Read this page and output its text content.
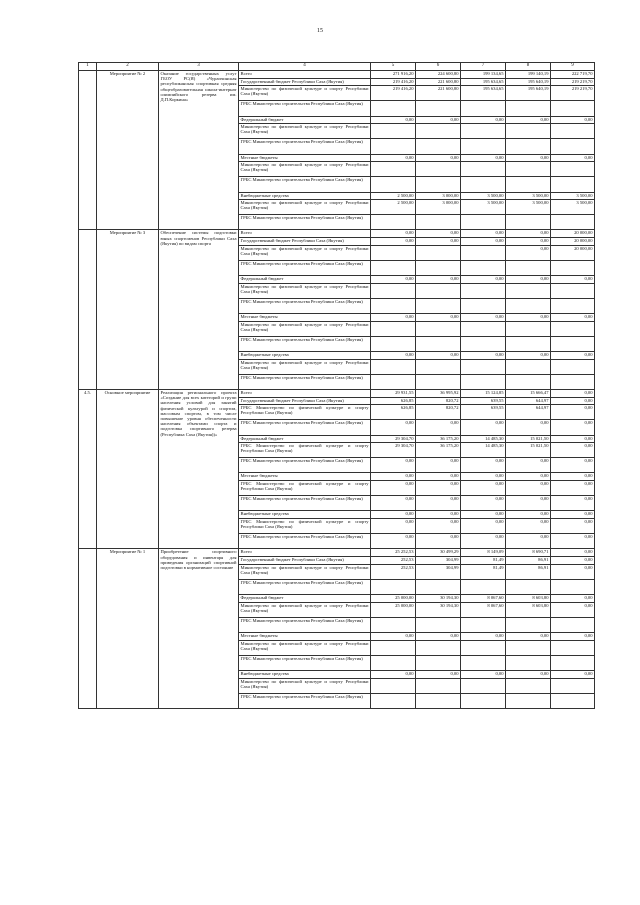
15
1	2	3	4	5	6	7	8	9
	Мероприятие № 2	Оказание государственных услуг ГБОУ РС(Я) «Чурапчинская республиканская спортивная средняя общеобразовательная школа-интернат олимпийского резерва им. Д.П.Коркина»	Всего	271 916,20	224 600,80	199 134,65	199 140,19	222 719,70
			Государственный бюджет Республики Саха (Якутия)	219 416,20	221 600,80	195 634,65	195 640,19	219 219,70
			Министерство по физической культуре и спорту Республики Саха (Якутия)	219 416,20	221 600,80	195 634,65	195 640,19	219 219,70
			ГРБС Министерство строительства Республики Саха (Якутия)					
			Федеральный бюджет	0,00	0,00	0,00	0,00	0,00
			Министерство по физической культуре и спорту Республики Саха (Якутия)					
			ГРБС Министерство строительства Республики Саха (Якутия)					
			Местные бюджеты	0,00	0,00	0,00	0,00	0,00
			Министерство по физической культуре и спорту Республики Саха (Якутия)					
			ГРБС Министерство строительства Республики Саха (Якутия)					
			Внебюджетные средства	2 500,00	3 000,00	3 500,00	3 500,00	3 500,00
			Министерство по физической культуре и спорту Республики Саха (Якутия)	2 500,00	3 000,00	3 500,00	3 500,00	3 500,00
			ГРБС Министерство строительства Республики Саха (Якутия)					
	Мероприятие № 3	Обеспечение системы подготовки юных спортсменов Республики Саха (Якутия) по видам спорта	Всего	0,00	0,00	0,00	0,00	20 000,00
			Государственный бюджет Республики Саха (Якутия)	0,00	0,00	0,00	0,00	20 000,00
			Министерство по физической культуре и спорту Республики Саха (Якутия)				0,00	20 000,00
			ГРБС Министерство строительства Республики Саха (Якутия)					
			Федеральный бюджет	0,00	0,00	0,00	0,00	0,00
			Министерство по физической культуре и спорту Республики Саха (Якутия)					
			ГРБС Министерство строительства Республики Саха (Якутия)					
			Местные бюджеты	0,00	0,00	0,00	0,00	0,00
			Министерство по физической культуре и спорту Республики Саха (Якутия)					
			ГРБС Министерство строительства Республики Саха (Якутия)					
			Внебюджетные средства	0,00	0,00	0,00	0,00	0,00
			Министерство по физической культуре и спорту Республики Саха (Якутия)					
			ГРБС Министерство строительства Республики Саха (Якутия)					
4.5.	Основное мероприятие	Реализация регионального проекта «Создание для всех категорий и групп населения условий для занятий физической культурой и спортом, массовым спортом, в том числе повышение уровня обеспеченности населения объектами спорта и подготовка спортивного резерва (Республика Саха (Якутия))»	Всего	29 931,55	36 995,92	15 124,85	15 666,47	0,00
			Государственный бюджет Республики Саха (Якутия)	626,85	820,72	639,55	644,97	0,00
			ГРБС Министерство по физической культуре и спорту Республики Саха (Якутия)	626,85	820,72	639,55	644,97	0,00
			ГРБС Министерство строительства Республики Саха (Якутия)	0,00	0,00	0,00	0,00	0,00
			Федеральный бюджет	29 304,70	36 175,20	14 485,30	15 021,50	0,00
			ГРБС Министерство по физической культуре и спорту Республики Саха (Якутия)	29 304,70	36 175,20	14 485,30	15 021,50	0,00
			ГРБС Министерство строительства Республики Саха (Якутия)	0,00	0,00	0,00	0,00	0,00
			Местные бюджеты	0,00	0,00	0,00	0,00	0,00
			ГРБС Министерство по физической культуре и спорту Республики Саха (Якутия)	0,00	0,00	0,00	0,00	0,00
			ГРБС Министерство строительства Республики Саха (Якутия)	0,00	0,00	0,00	0,00	0,00
			Внебюджетные средства	0,00	0,00	0,00	0,00	0,00
			ГРБС Министерство по физической культуре и спорту Республики Саха (Якутия)	0,00	0,00	0,00	0,00	0,00
			ГРБС Министерство строительства Республики Саха (Якутия)	0,00	0,00	0,00	0,00	0,00
	Мероприятие № 1	Приобретение спортивного оборудования и инвентаря для приведения организаций спортивной подготовки в нормативное состояние	Всего	25 252,53	30 499,29	8 149,09	8 690,71	0,00
			Государственный бюджет Республики Саха (Якутия)	252,53	304,99	81,49	86,91	0,00
			Министерство по физической культуре и спорту Республики Саха (Якутия)	252,53	304,99	81,49	86,91	0,00
			ГРБС Министерство строительства Республики Саха (Якутия)					
			Федеральный бюджет	25 000,00	30 194,30	8 067,60	8 603,80	0,00
			Министерство по физической культуре и спорту Республики Саха (Якутия)	25 000,00	30 194,30	8 067,60	8 603,80	0,00
			ГРБС Министерство строительства Республики Саха (Якутия)					
			Местные бюджеты	0,00	0,00	0,00	0,00	0,00
			Министерство по физической культуре и спорту Республики Саха (Якутия)					
			ГРБС Министерство строительства Республики Саха (Якутия)					
			Внебюджетные средства	0,00	0,00	0,00	0,00	0,00
			Министерство по физической культуре и спорту Республики Саха (Якутия)					
			ГРБС Министерство строительства Республики Саха (Якутия)					
